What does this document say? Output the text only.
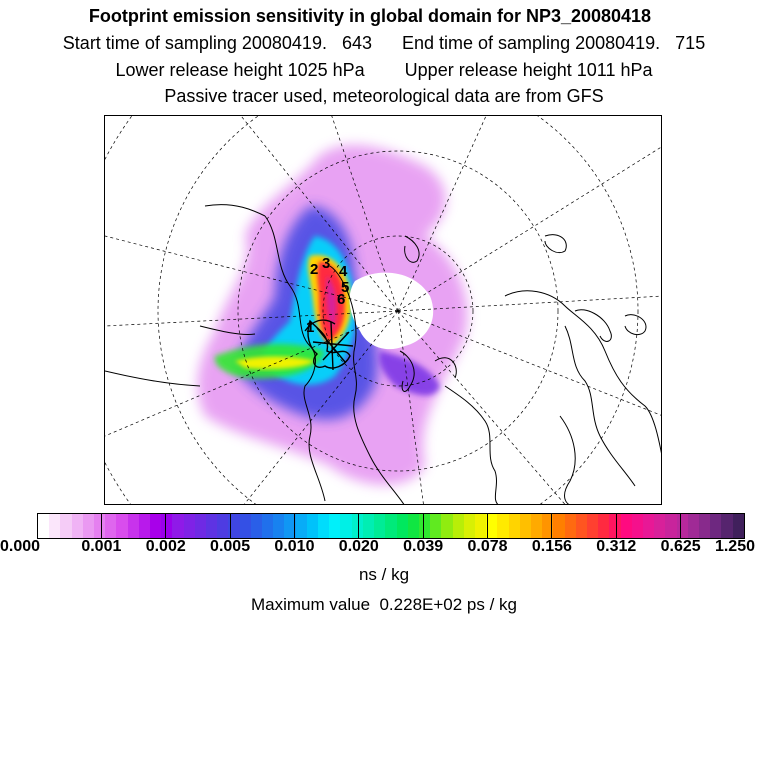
Footprint emission sensitivity in global domain for NP3_20080418
Start time of sampling 20080419.   643      End time of sampling 20080419.   715
Lower release height 1025 hPa        Upper release height 1011 hPa
Passive tracer used, meteorological data are from GFS
1
2 3 4
5
6
0.000	0.001 0.002 0.005 0.010 0.020 0.039 0.078 0.156 0.312 0.625 1.250
ns / kg
Maximum value  0.228E+02 ps / kg
